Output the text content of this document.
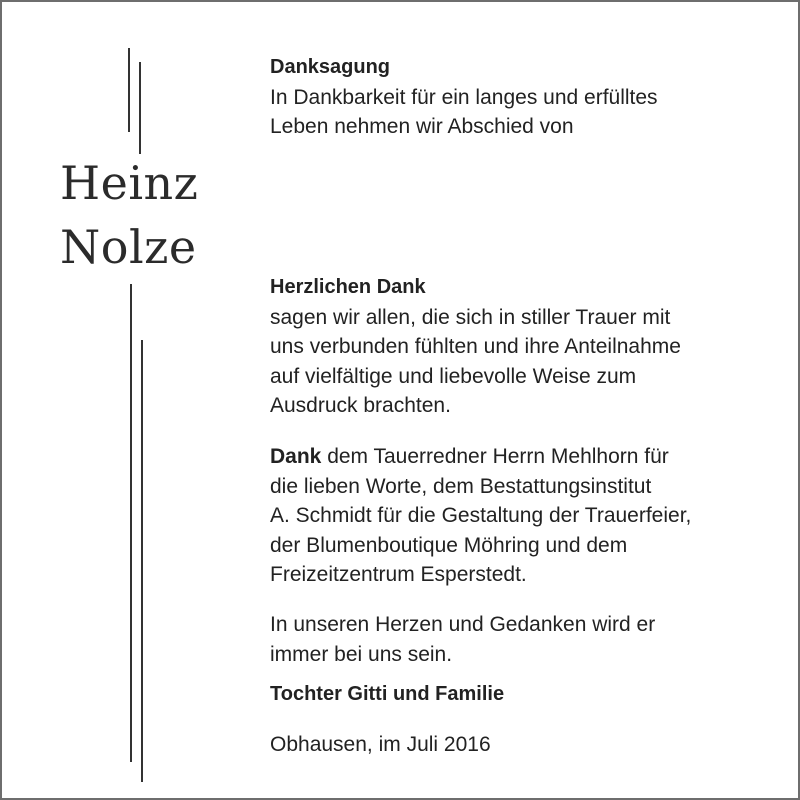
Heinz
Nolze
Danksagung
In Dankbarkeit für ein langes und erfülltes
Leben nehmen wir Abschied von
Herzlichen Dank
sagen wir allen, die sich in stiller Trauer mit
uns verbunden fühlten und ihre Anteilnahme
auf vielfältige und liebevolle Weise zum
Ausdruck brachten.
Dank dem Tauerredner Herrn Mehlhorn für
die lieben Worte, dem Bestattungsinstitut
A. Schmidt für die Gestaltung der Trauerfeier,
der Blumenboutique Möhring und dem
Freizeitzentrum Esperstedt.
In unseren Herzen und Gedanken wird er
immer bei uns sein.
Tochter Gitti und Familie
Obhausen, im Juli 2016
